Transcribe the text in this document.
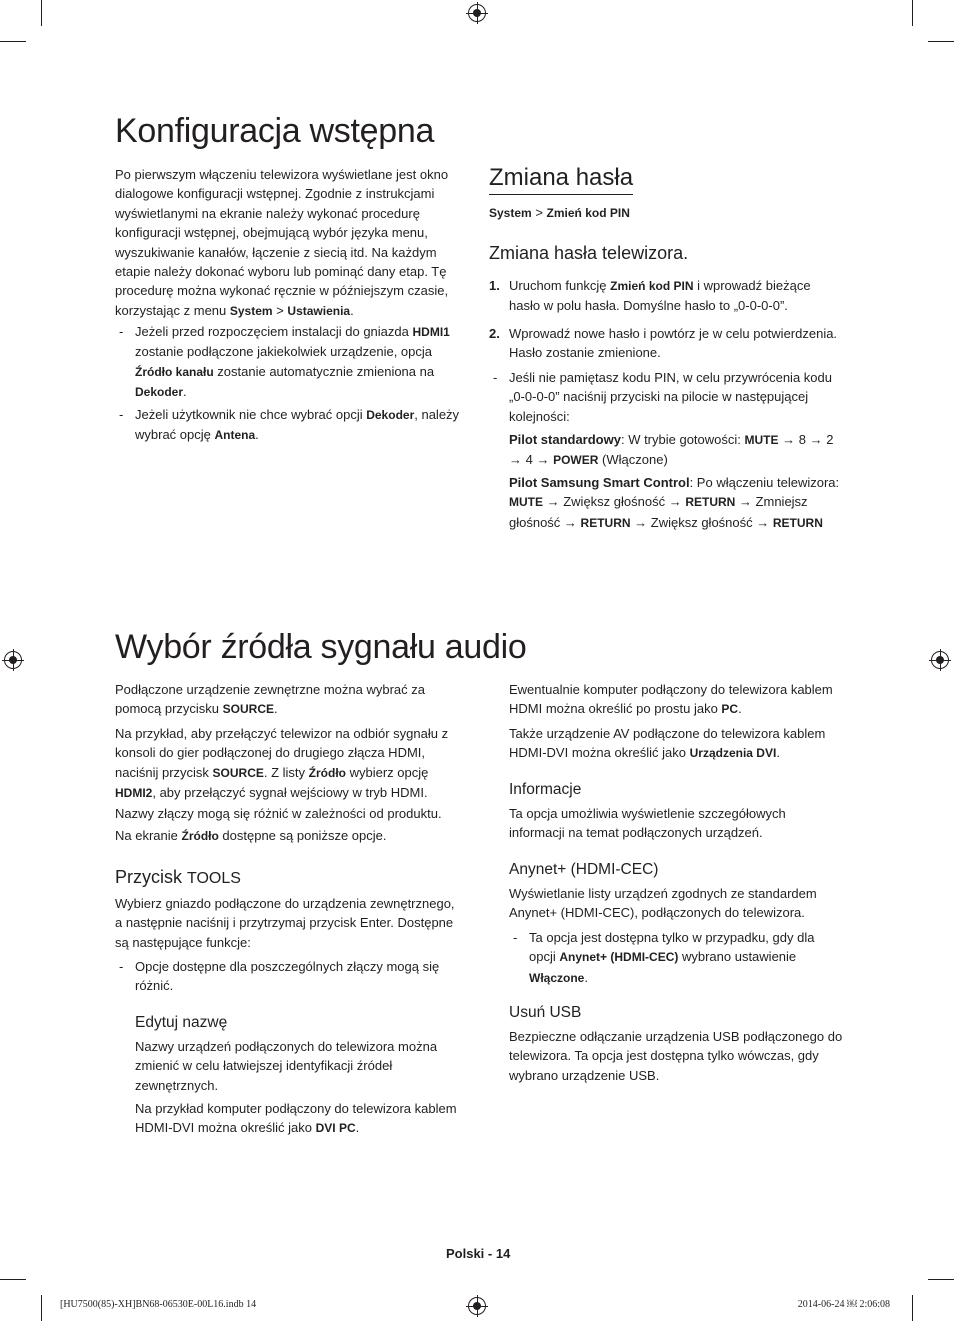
Konfiguracja wstępna
Po pierwszym włączeniu telewizora wyświetlane jest okno dialogowe konfiguracji wstępnej. Zgodnie z instrukcjami wyświetlanymi na ekranie należy wykonać procedurę konfiguracji wstępnej, obejmującą wybór języka menu, wyszukiwanie kanałów, łączenie z siecią itd. Na każdym etapie należy dokonać wyboru lub pominąć dany etap. Tę procedurę można wykonać ręcznie w późniejszym czasie, korzystając z menu System > Ustawienia.
- Jeżeli przed rozpoczęciem instalacji do gniazda HDMI1 zostanie podłączone jakiekolwiek urządzenie, opcja Źródło kanału zostanie automatycznie zmieniona na Dekoder.
- Jeżeli użytkownik nie chce wybrać opcji Dekoder, należy wybrać opcję Antena.
Zmiana hasła
System > Zmień kod PIN
Zmiana hasła telewizora.
1. Uruchom funkcję Zmień kod PIN i wprowadź bieżące hasło w polu hasła. Domyślne hasło to „0-0-0-0”.
2. Wprowadź nowe hasło i powtórz je w celu potwierdzenia. Hasło zostanie zmienione.
- Jeśli nie pamiętasz kodu PIN, w celu przywrócenia kodu „0-0-0-0” naciśnij przyciski na pilocie w następującej kolejności:
Pilot standardowy: W trybie gotowości: MUTE → 8 → 2 → 4 → POWER (Włączone)
Pilot Samsung Smart Control: Po włączeniu telewizora: MUTE → Zwiększ głośność → RETURN → Zmniejsz głośność → RETURN → Zwiększ głośność → RETURN
Wybór źródła sygnału audio
Podłączone urządzenie zewnętrzne można wybrać za pomocą przycisku SOURCE.
Na przykład, aby przełączyć telewizor na odbiór sygnału z konsoli do gier podłączonej do drugiego złącza HDMI, naciśnij przycisk SOURCE. Z listy Źródło wybierz opcję HDMI2, aby przełączyć sygnał wejściowy w tryb HDMI. Nazwy złączy mogą się różnić w zależności od produktu.
Na ekranie Źródło dostępne są poniższe opcje.
Przycisk TOOLS
Wybierz gniazdo podłączone do urządzenia zewnętrznego, a następnie naciśnij i przytrzymaj przycisk Enter. Dostępne są następujące funkcje:
- Opcje dostępne dla poszczególnych złączy mogą się różnić.
Edytuj nazwę
Nazwy urządzeń podłączonych do telewizora można zmienić w celu łatwiejszej identyfikacji źródeł zewnętrznych.
Na przykład komputer podłączony do telewizora kablem HDMI-DVI można określić jako DVI PC.
Ewentualnie komputer podłączony do telewizora kablem HDMI można określić po prostu jako PC.
Także urządzenie AV podłączone do telewizora kablem HDMI-DVI można określić jako Urządzenia DVI.
Informacje
Ta opcja umożliwia wyświetlenie szczegółowych informacji na temat podłączonych urządzeń.
Anynet+ (HDMI-CEC)
Wyświetlanie listy urządzeń zgodnych ze standardem Anynet+ (HDMI-CEC), podłączonych do telewizora.
- Ta opcja jest dostępna tylko w przypadku, gdy dla opcji Anynet+ (HDMI-CEC) wybrano ustawienie Włączone.
Usuń USB
Bezpieczne odłączanie urządzenia USB podłączonego do telewizora. Ta opcja jest dostępna tylko wówczas, gdy wybrano urządzenie USB.
Polski - 14
[HU7500(85)-XH]BN68-06530E-00L16.indb 14	2014-06-24 ￼ 2:06:08
